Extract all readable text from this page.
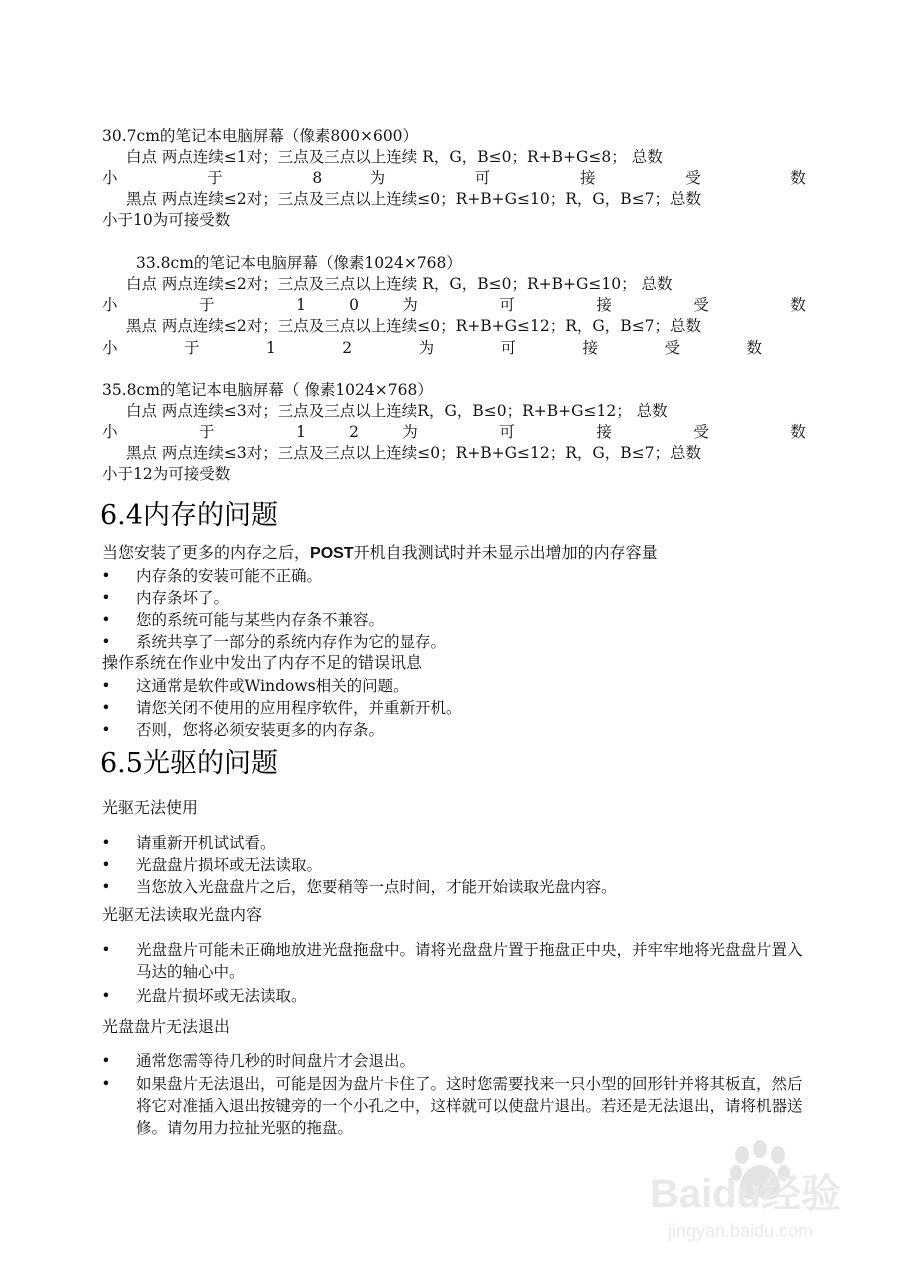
30.7cm的笔记本电脑屏幕（像素800×600）

白点 两点连续≤1对；三点及三点以上连续 R，G，B≤0；R+B+G≤8； 总数

小	于	8	为	可	接	受	数

黑点 两点连续≤2对；三点及三点以上连续≤0；R+B+G≤10；R，G，B≤7；总数

小于10为可接受数

33.8cm的笔记本电脑屏幕（像素1024×768）

白点 两点连续≤2对；三点及三点以上连续 R，G，B≤0；R+B+G≤10； 总数

小	于	1	0	为	可	接	受	数

黑点 两点连续≤2对；三点及三点以上连续≤0；R+B+G≤12；R，G，B≤7；总数

小	于	1	2	为	可	接	受	数

35.8cm的笔记本电脑屏幕（ 像素1024×768）

白点 两点连续≤3对；三点及三点以上连续R，G，B≤0；R+B+G≤12； 总数

小	于	1	2	为	可	接	受	数

黑点 两点连续≤3对；三点及三点以上连续≤0；R+B+G≤12；R，G，B≤7；总数

小于12为可接受数

6.4内存的问题

当您安装了更多的内存之后，POST开机自我测试时并未显示出增加的内存容量

• 内存条的安装可能不正确。
• 内存条坏了。
• 您的系统可能与某些内存条不兼容。
• 系统共享了一部分的系统内存作为它的显存。

操作系统在作业中发出了内存不足的错误讯息

• 这通常是软件或Windows相关的问题。
• 请您关闭不使用的应用程序软件，并重新开机。
• 否则，您将必须安装更多的内存条。
6.5光驱的问题

光驱无法使用

• 请重新开机试试看。
• 光盘盘片损坏或无法读取。
• 当您放入光盘盘片之后，您要稍等一点时间，才能开始读取光盘内容。

光驱无法读取光盘内容

• 光盘盘片可能未正确地放进光盘拖盘中。请将光盘盘片置于拖盘正中央，并牢牢地将光盘盘片置入马达的轴心中。
• 光盘片损坏或无法读取。

光盘盘片无法退出

• 通常您需等待几秒的时间盘片才会退出。
• 如果盘片无法退出，可能是因为盘片卡住了。这时您需要找来一只小型的回形针并将其板直，然后将它对准插入退出按键旁的一个小孔之中，这样就可以使盘片退出。若还是无法退出，请将机器送修。请勿用力拉扯光驱的拖盘。
Baidu经验
jingyan.baidu.com
